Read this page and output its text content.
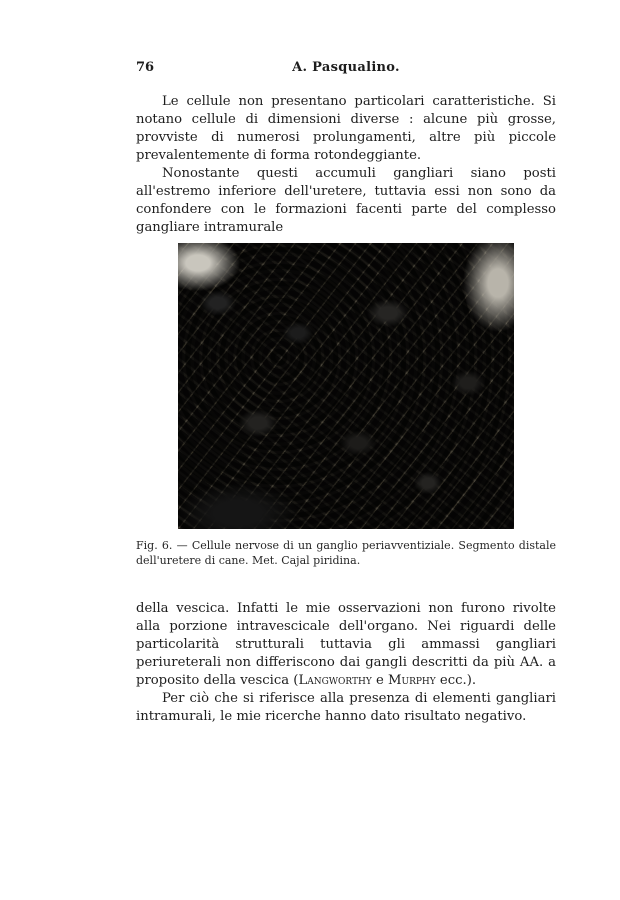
76	A. Pasqualino.

Le cellule non presentano particolari caratteristiche. Si notano cellule di dimensioni diverse : alcune più grosse, provviste di numerosi prolungamenti, altre più piccole prevalentemente di forma rotondeggiante.

Nonostante questi accumuli gangliari siano posti all'estremo inferiore dell'uretere, tuttavia essi non sono da confondere con le formazioni facenti parte del complesso gangliare intramurale

Fig. 6. — Cellule nervose di un ganglio periavventiziale. Segmento distale dell'uretere di cane. Met. Cajal piridina.

della vescica. Infatti le mie osservazioni non furono rivolte alla porzione intravescicale dell'organo. Nei riguardi delle particolarità strutturali tuttavia gli ammassi gangliari periureterali non differiscono dai gangli descritti da più AA. a proposito della vescica (Langworthy e Murphy ecc.).

Per ciò che si riferisce alla presenza di elementi gangliari intramurali, le mie ricerche hanno dato risultato negativo.
